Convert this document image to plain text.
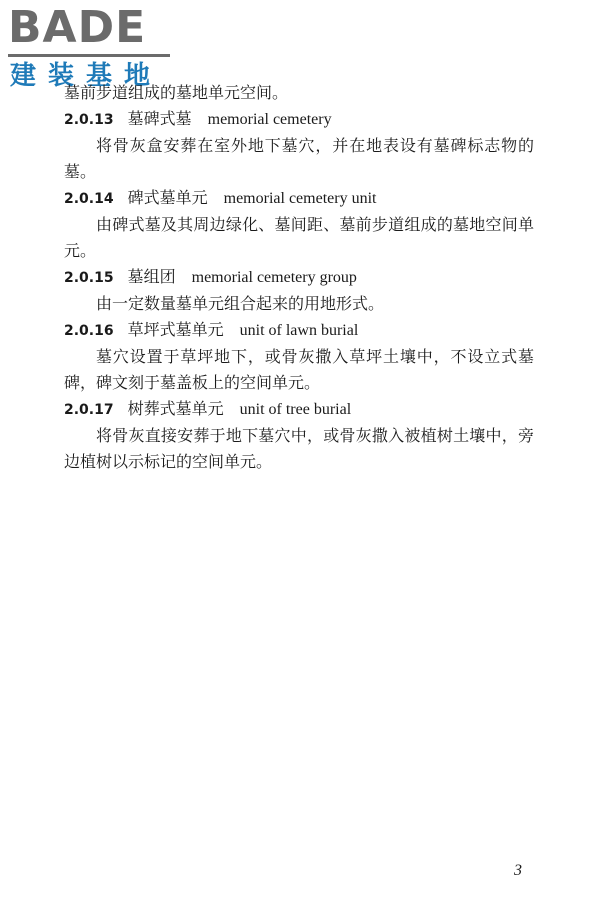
BADE
建装基地
墓前步道组成的墓地单元空间。
2.0.13 墓碑式墓 memorial cemetery
将骨灰盒安葬在室外地下墓穴，并在地表设有墓碑标志物的墓。
2.0.14 碑式墓单元 memorial cemetery unit
由碑式墓及其周边绿化、墓间距、墓前步道组成的墓地空间单元。
2.0.15 墓组团 memorial cemetery group
由一定数量墓单元组合起来的用地形式。
2.0.16 草坪式墓单元 unit of lawn burial
墓穴设置于草坪地下，或骨灰撒入草坪土壤中，不设立式墓碑，碑文刻于墓盖板上的空间单元。
2.0.17 树葬式墓单元 unit of tree burial
将骨灰直接安葬于地下墓穴中，或骨灰撒入被植树土壤中，旁边植树以示标记的空间单元。
3
